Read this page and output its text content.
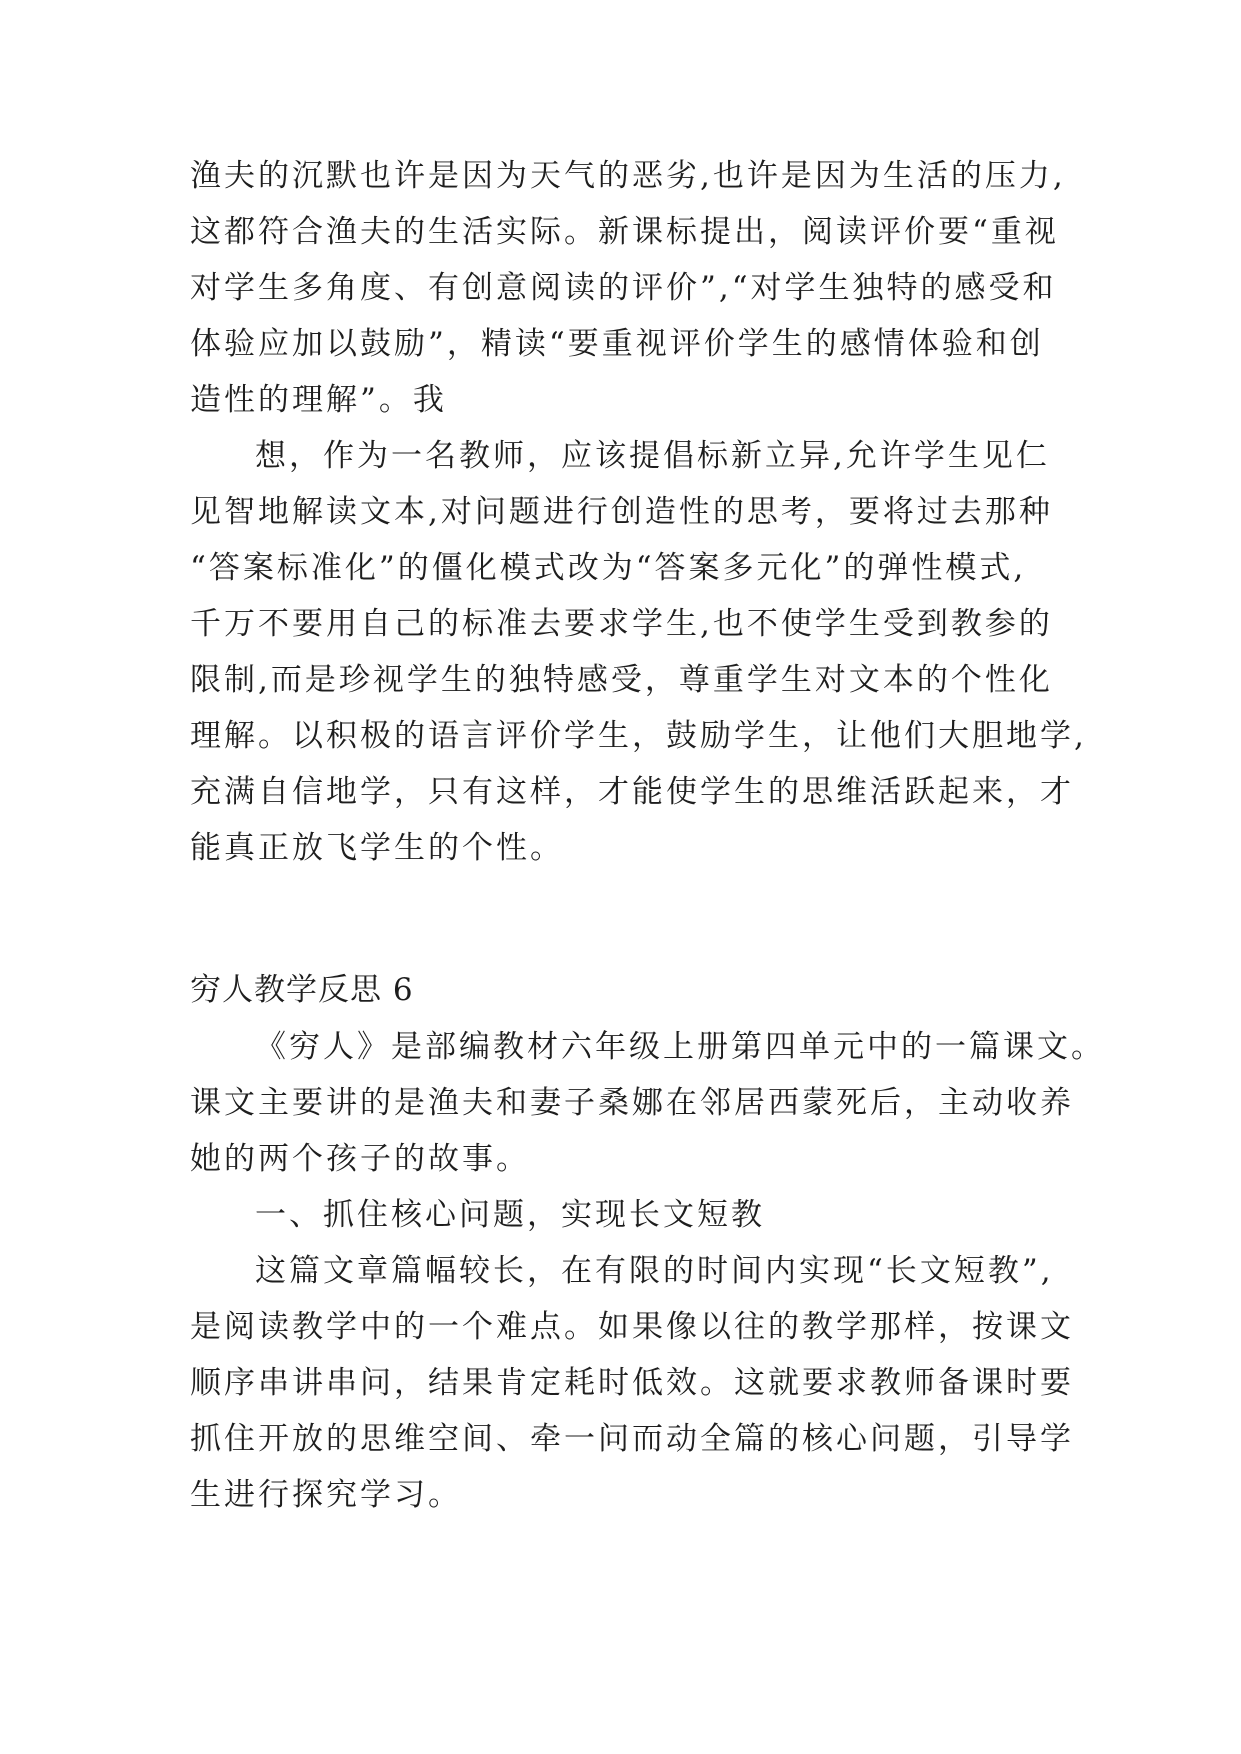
渔夫的沉默也许是因为天气的恶劣,也许是因为生活的压力,
这都符合渔夫的生活实际。新课标提出，阅读评价要“重视
对学生多角度、有创意阅读的评价”,“对学生独特的感受和
体验应加以鼓励”，精读“要重视评价学生的感情体验和创
造性的理解”。我
想，作为一名教师，应该提倡标新立异,允许学生见仁
见智地解读文本,对问题进行创造性的思考，要将过去那种
“答案标准化”的僵化模式改为“答案多元化”的弹性模式,
千万不要用自己的标准去要求学生,也不使学生受到教参的
限制,而是珍视学生的独特感受，尊重学生对文本的个性化
理解。以积极的语言评价学生，鼓励学生，让他们大胆地学,
充满自信地学，只有这样，才能使学生的思维活跃起来，才
能真正放飞学生的个性。
穷人教学反思 6
《穷人》是部编教材六年级上册第四单元中的一篇课文。
课文主要讲的是渔夫和妻子桑娜在邻居西蒙死后，主动收养
她的两个孩子的故事。
一、抓住核心问题，实现长文短教
这篇文章篇幅较长，在有限的时间内实现“长文短教”,
是阅读教学中的一个难点。如果像以往的教学那样，按课文
顺序串讲串问，结果肯定耗时低效。这就要求教师备课时要
抓住开放的思维空间、牵一问而动全篇的核心问题，引导学
生进行探究学习。
